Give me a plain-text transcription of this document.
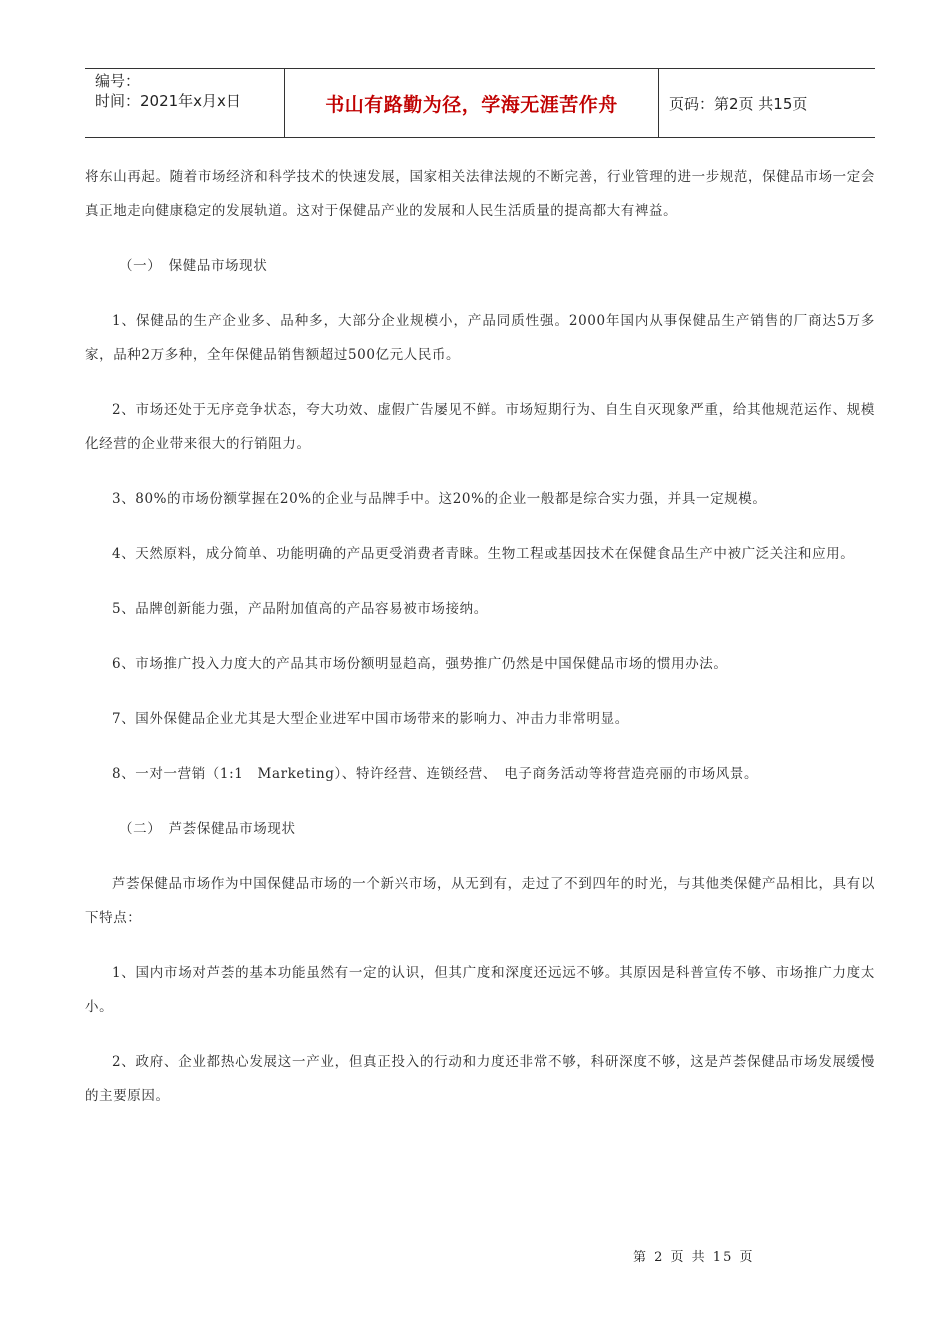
编号：
时间：2021年x月x日	书山有路勤为径，学海无涯苦作舟	页码：第2页 共15页

将东山再起。随着市场经济和科学技术的快速发展，国家相关法律法规的不断完善，行业管理的进一步规范，保健品市场一定会真正地走向健康稳定的发展轨道。这对于保健品产业的发展和人民生活质量的提高都大有裨益。

（一）　保健品市场现状

1、保健品的生产企业多、品种多，大部分企业规模小，产品同质性强。2000年国内从事保健品生产销售的厂商达5万多家，品种2万多种，全年保健品销售额超过500亿元人民币。

2、市场还处于无序竞争状态，夸大功效、虚假广告屡见不鲜。市场短期行为、自生自灭现象严重，给其他规范运作、规模化经营的企业带来很大的行销阻力。

3、80%的市场份额掌握在20%的企业与品牌手中。这20%的企业一般都是综合实力强，并具一定规模。

4、天然原料，成分简单、功能明确的产品更受消费者青睐。生物工程或基因技术在保健食品生产中被广泛关注和应用。

5、品牌创新能力强，产品附加值高的产品容易被市场接纳。

6、市场推广投入力度大的产品其市场份额明显趋高，强势推广仍然是中国保健品市场的惯用办法。

7、国外保健品企业尤其是大型企业进军中国市场带来的影响力、冲击力非常明显。

8、一对一营销（1:1　Marketing）、特许经营、连锁经营、　电子商务活动等将营造亮丽的市场风景。

（二）　芦荟保健品市场现状

芦荟保健品市场作为中国保健品市场的一个新兴市场，从无到有，走过了不到四年的时光，与其他类保健产品相比，具有以下特点：

1、国内市场对芦荟的基本功能虽然有一定的认识，但其广度和深度还远远不够。其原因是科普宣传不够、市场推广力度太小。

2、政府、企业都热心发展这一产业，但真正投入的行动和力度还非常不够，科研深度不够，这是芦荟保健品市场发展缓慢的主要原因。

第 2 页 共 15 页
